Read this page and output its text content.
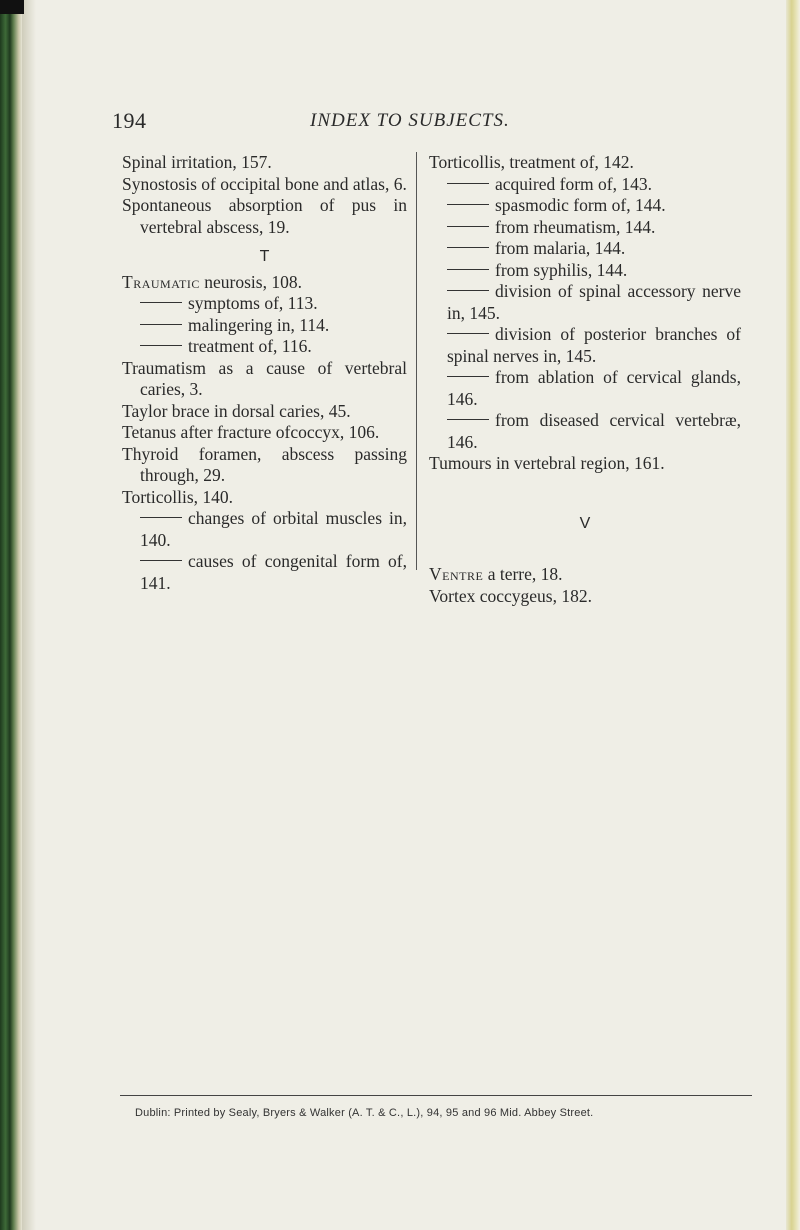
194	INDEX TO SUBJECTS.
Spinal irritation, 157.
Synostosis of occipital bone and atlas, 6.
Spontaneous absorption of pus in vertebral abscess, 19.
T
Traumatic neurosis, 108.
symptoms of, 113.
malingering in, 114.
treatment of, 116.
Traumatism as a cause of vertebral caries, 3.
Taylor brace in dorsal caries, 45.
Tetanus after fracture ofcoccyx, 106.
Thyroid foramen, abscess passing through, 29.
Torticollis, 140.
changes of orbital muscles in, 140.
causes of congenital form of, 141.
Torticollis, treatment of, 142.
acquired form of, 143.
spasmodic form of, 144.
from rheumatism, 144.
from malaria, 144.
from syphilis, 144.
division of spinal accessory nerve in, 145.
division of posterior branches of spinal nerves in, 145.
from ablation of cervical glands, 146.
from diseased cervical vertebræ, 146.
Tumours in vertebral region, 161.
V
Ventre a terre, 18.
Vortex coccygeus, 182.
Dublin: Printed by Sealy, Bryers & Walker (A. T. & C., L.), 94, 95 and 96 Mid. Abbey Street.
